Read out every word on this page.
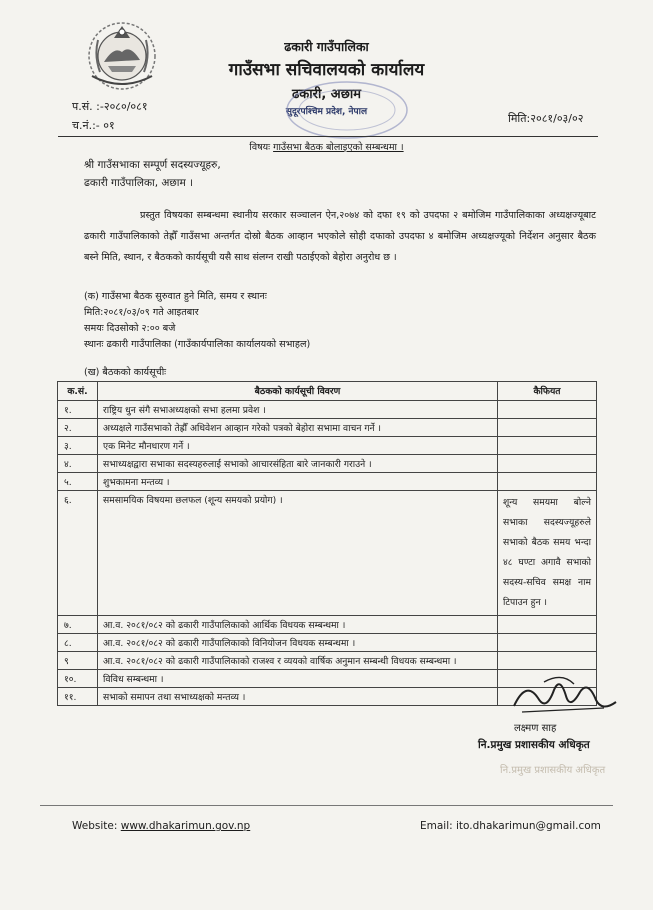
ढकारी गाउँपालिका
गाउँसभा सचिवालयको कार्यालय
ढकारी, अछाम
सुदूरपश्चिम प्रदेश, नेपाल
प.सं. :-२०८०/०८१
च.नं.:- ०१
मिति:२०८१/०३/०२
विषयः गाउँसभा बैठक बोलाइएको सम्बन्धमा ।
श्री गाउँसभाका सम्पूर्ण सदस्यज्यूहरु,
ढकारी गाउँपालिका, अछाम ।
प्रस्तुत विषयका सम्बन्धमा स्थानीय सरकार सञ्चालन ऐन,२०७४ को दफा १९ को उपदफा २ बमोजिम गाउँपालिकाका अध्यक्षज्यूबाट ढकारी गाउँपालिकाको तेह्रौँ गाउँसभा अन्तर्गत दोस्रो बैठक आव्हान भएकोले सोही दफाको उपदफा ४ बमोजिम अध्यक्षज्यूको निर्देशन अनुसार बैठक बस्ने मिति, स्थान, र बैठकको कार्यसूची यसै साथ संलग्न राखी पठाईएको बेहोरा अनुरोध छ ।
(क) गाउँसभा बैठक सुरुवात हुने मिति, समय र स्थानः
मिति:२०८१/०३/०९ गते आइतबार
समयः दिउसोको २:०० बजे
स्थानः ढकारी गाउँपालिका (गाउँकार्यपालिका कार्यालयको सभाहल)
(ख) बैठकको कार्यसूचीः
क.सं.	बैठकको कार्यसूची विवरण	कैफियत
१.	राष्ट्रिय धुन संगै सभाअध्यक्षको सभा हलमा प्रवेश ।	
२.	अध्यक्षले गाउँसभाको तेह्रौँ अधिवेशन आव्हान गरेको पत्रको बेहोरा सभामा वाचन गर्ने ।	
३.	एक मिनेट मौनधारण गर्ने ।	
४.	सभाध्यक्षद्वारा सभाका सदस्यहरुलाई सभाको आचारसंहिता बारे जानकारी गराउने ।	
५.	शुभकामना मन्तव्य ।	
६.	समसामयिक विषयमा छलफल (शून्य समयको प्रयोग) ।	शून्य समयमा बोल्ने सभाका सदस्यज्यूहरुले सभाको बैठक समय भन्दा ४८ घण्टा अगावै सभाको सदस्य-सचिव समक्ष नाम टिपाउन हुन ।
७.	आ.व. २०८१/०८२ को ढकारी गाउँपालिकाको आर्थिक विधयक सम्बन्धमा ।	
८.	आ.व. २०८१/०८२ को ढकारी गाउँपालिकाको विनियोजन विधयक सम्बन्धमा ।	
९	आ.व. २०८१/०८२ को ढकारी गाउँपालिकाको राजश्व र व्ययको वार्षिक अनुमान सम्बन्धी विधयक सम्बन्धमा ।	
१०.	विविध सम्बन्धमा ।	
११.	सभाको समापन तथा सभाध्यक्षको मन्तव्य ।	
लक्ष्मण साह
नि.प्रमुख प्रशासकीय अधिकृत
नि.प्रमुख प्रशासकीय अधिकृत
Website: www.dhakarimun.gov.np	Email: ito.dhakarimun@gmail.com
